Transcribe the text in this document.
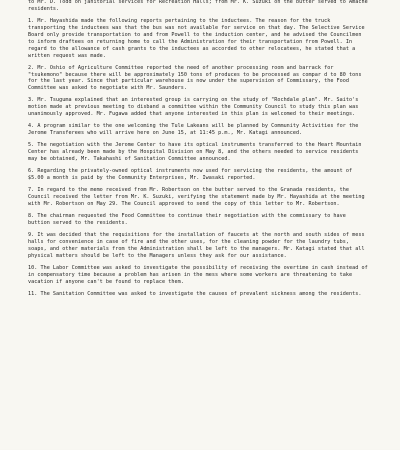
to Mr. D. Todd on janitorial services for Recreation Halls; from Mr. K. Suzuki on the butter served to Amache residents.

1. Mr. Hayashida made the following reports pertaining to the inductees. The reason for the truck transporting the inductees was that the bus was not available for service on that day. The Selective Service Board only provide transportation to and from Powell to the induction center, and he advised the Councilmen to inform draftees on returning home to call the Administration for their transportation from Powell. In regard to the allowance of cash grants to the inductees as accorded to other relocatees, he stated that a written request was made.

2. Mr. Oshio of Agriculture Committee reported the need of another processing room and barrack for "tsukemono" because there will be approximately 150 tons of produces to be processed as compar d to 80 tons for the last year. Since that particular warehouse is now under the supervision of Commissary, the Food Committee was asked to negotiate with Mr. Saunders.

3. Mr. Tsuguma explained that an interested group is carrying on the study of "Rochdale plan". Mr. Saito's motion made at previous meeting to disband a committee within the Community Council to study this plan was unanimously approved. Mr. Fugawa added that anyone interested in this plan is welcomed to their meetings.

4. A program similar to the one welcoming the Tule Lakeans will be planned by Community Activities for the Jerome Transferees who will arrive here on June 15, at 11:45 p.m., Mr. Katagi announced.

5. The negotiation with the Jerome Center to have its optical instruments transferred to the Heart Mountain Center has already been made by the Hospital Division on May 8, and the others needed to service residents may be obtained, Mr. Takahashi of Sanitation Committee announced.

6. Regarding the privately-owned optical instruments now used for servicing the residents, the amount of $5.00 a month is paid by the Community Enterprises, Mr. Iwasaki reported.

7. In regard to the memo received from Mr. Robertson on the butter served to the Granada residents, the Council received the letter from Mr. K. Suzuki, verifying the statement made by Mr. Hayashida at the meeting with Mr. Robertson on May 29. The Council approved to send the copy of this letter to Mr. Robertson.

8. The chairman requested the Food Committee to continue their negotiation with the commissary to have buttion served to the residents.

9. It was decided that the requisitions for the installation of faucets at the north and south sides of mess halls for convenience in case of fire and the other uses, for the cleaning powder for the laundry tubs, soaps, and other materials from the Administration shall be left to the managers. Mr. Katagi stated that all physical matters should be left to the Managers unless they ask for our assistance.

10. The Labor Committee was asked to investigate the possibility of receiving the overtime in cash instead of in compensatory time because a problem has arisen in the mess where some workers are threatening to take vacation if anyone can't be found to replace them.

11. The Sanitation Committee was asked to investigate the causes of prevalent sickness among the residents.
